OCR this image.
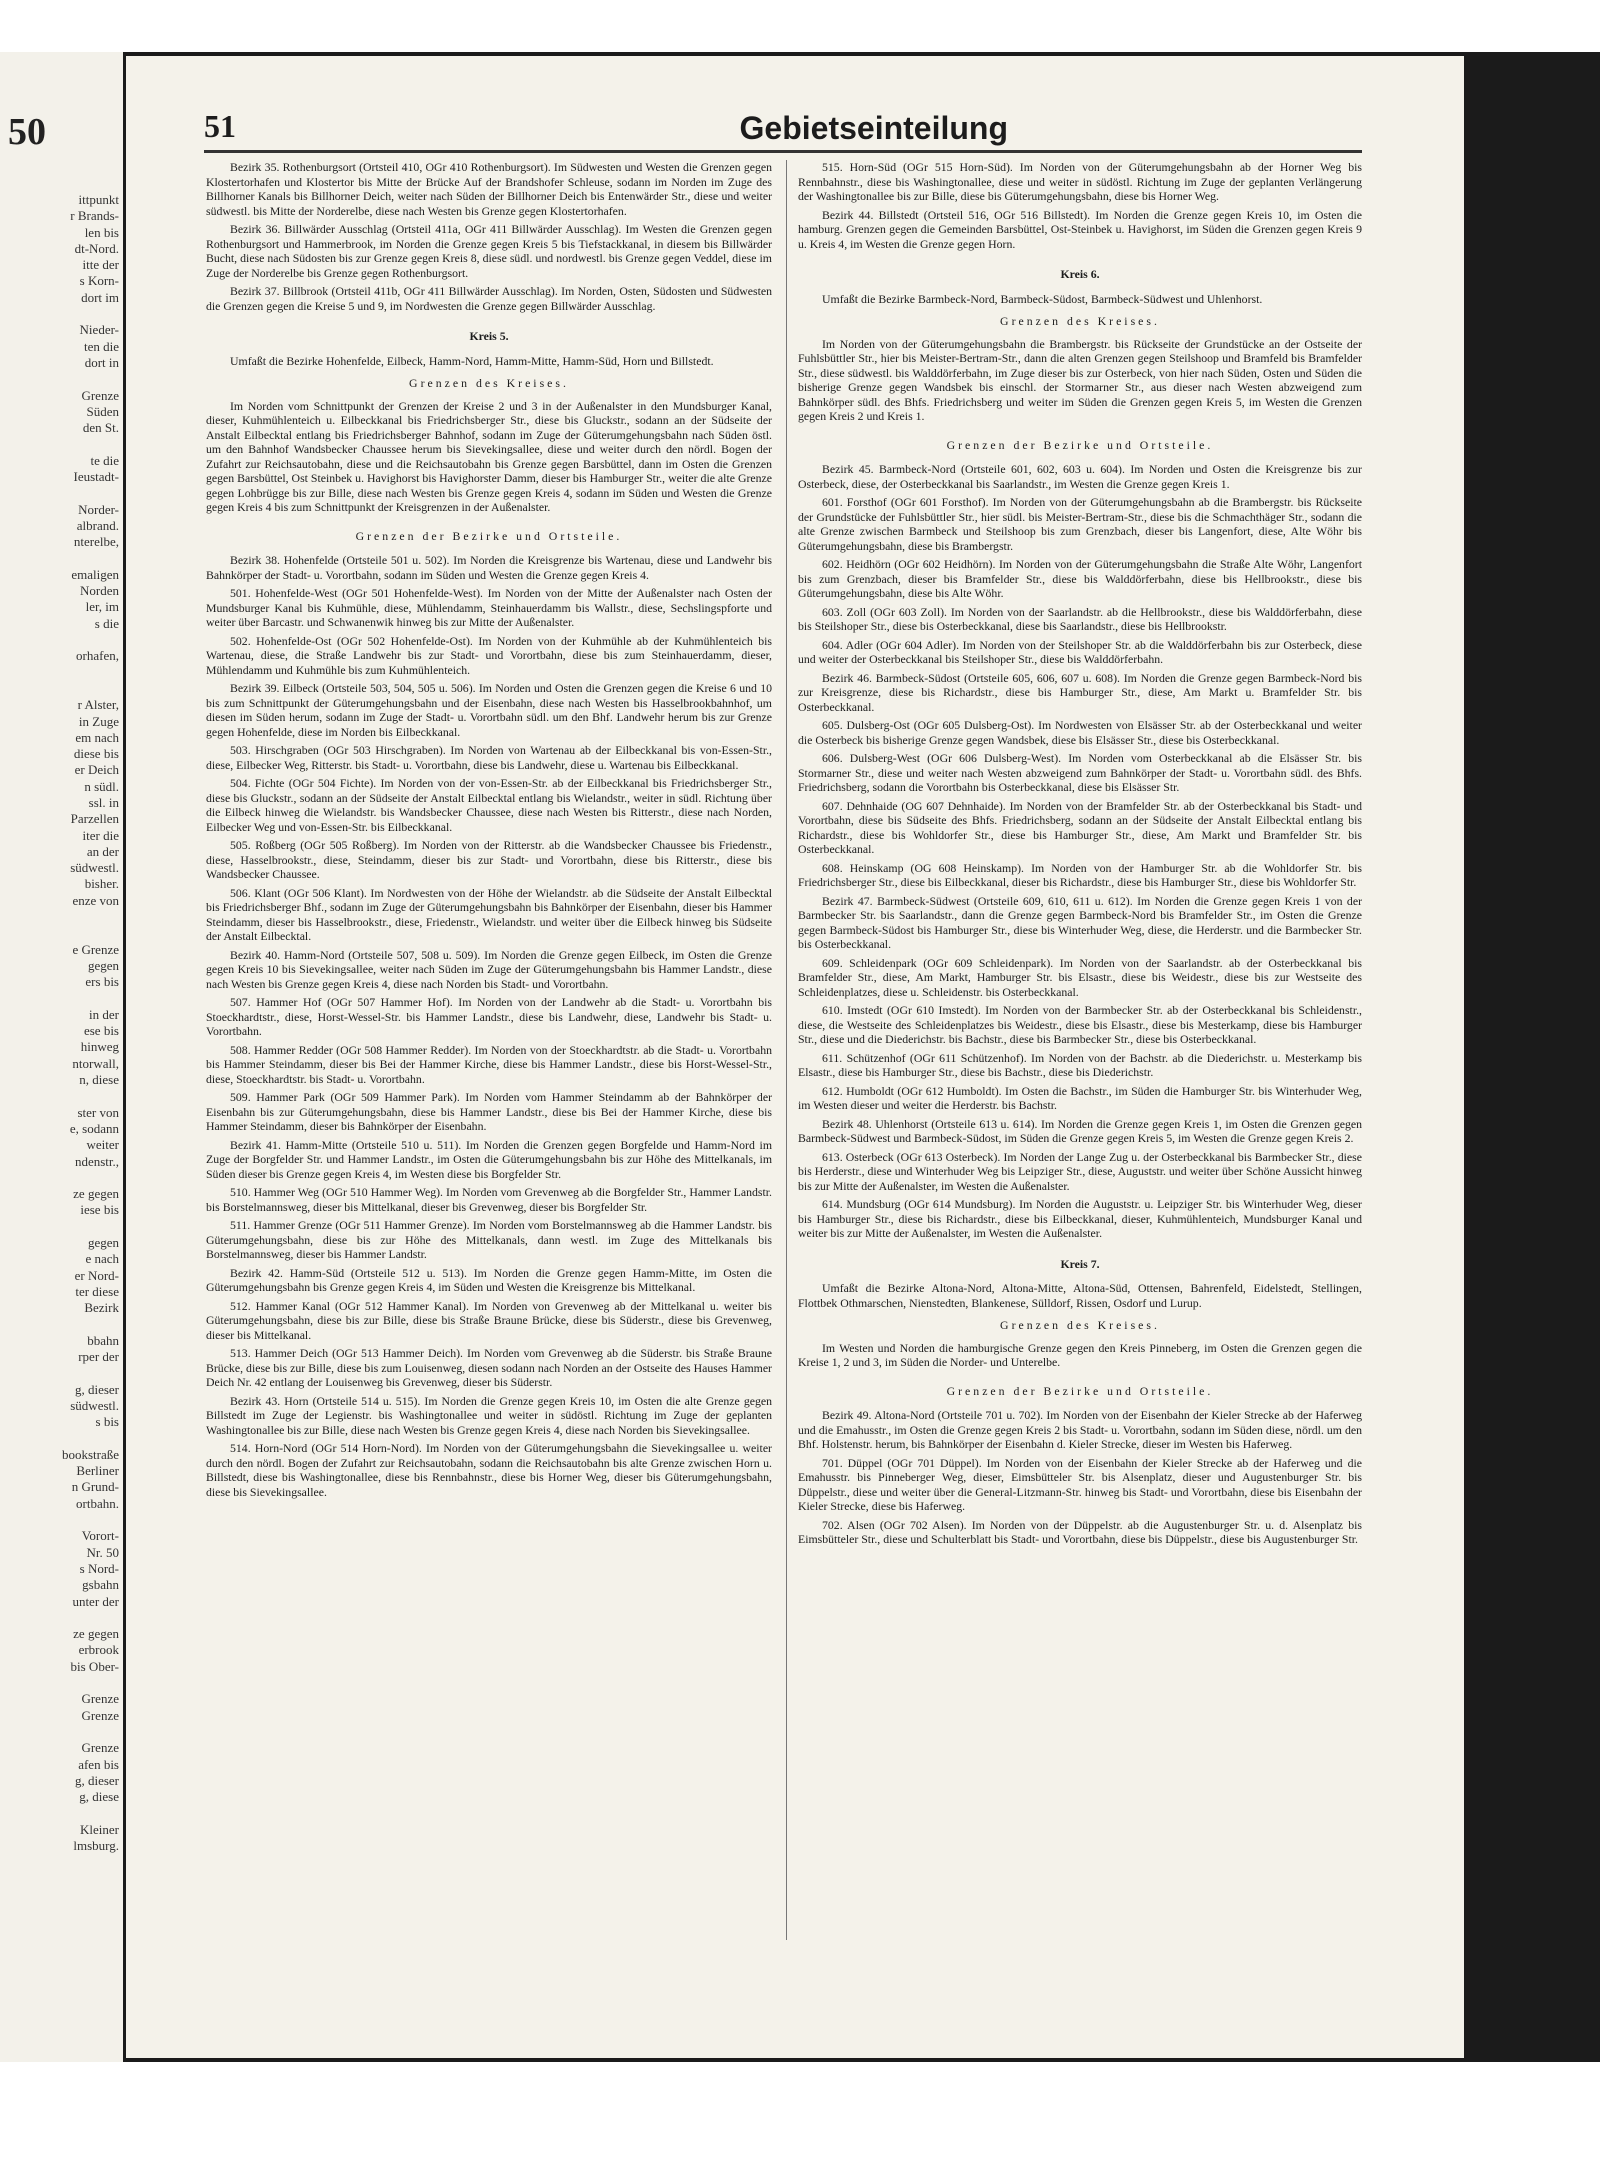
50
ittpunkt
r Brands-
len bis
dt-Nord.
itte der
s Korn-
dort im

Nieder-
ten die
dort in

Grenze
Süden
den St.

te die
Ieustadt-

Norder-
albrand.
nterelbe,

emaligen
Norden
ler, im
s die

orhafen,

r Alster,
in Zuge
em nach
diese bis
er Deich
n südl.
ssl. in
Parzellen
iter die
an der
südwestl.
bisher.
enze von

e Grenze
gegen
ers bis

in der
ese bis
hinweg
ntorwall,
n, diese

ster von
e, sodann
weiter
ndenstr.,

ze gegen
iese bis

gegen
e nach
er Nord-
ter diese
Bezirk

bbahn
rper der

g, dieser
südwestl.
s bis

bookstraße
Berliner
n Grund-
ortbahn.

Vorort-
Nr. 50
s Nord-
gsbahn
unter der

ze gegen
erbrook
bis Ober-

Grenze
Grenze

Grenze
afen bis
g, dieser
g, diese

Kleiner
lmsburg.
51	Gebietseinteilung

Bezirk 35. Rothenburgsort (Ortsteil 410, OGr 410 Rothenburgsort). Im Südwesten und Westen die Grenzen gegen Klostertorhafen und Klostertor bis Mitte der Brücke Auf der Brandshofer Schleuse, sodann im Norden im Zuge des Billhorner Kanals bis Billhorner Deich, weiter nach Süden der Billhorner Deich bis Entenwärder Str., diese und weiter südwestl. bis Mitte der Norderelbe, diese nach Westen bis Grenze gegen Klostertorhafen.

Bezirk 36. Billwärder Ausschlag (Ortsteil 411a, OGr 411 Billwärder Ausschlag). Im Westen die Grenzen gegen Rothenburgsort und Hammerbrook, im Norden die Grenze gegen Kreis 5 bis Tiefstackkanal, in diesem bis Billwärder Bucht, diese nach Südosten bis zur Grenze gegen Kreis 8, diese südl. und nordwestl. bis Grenze gegen Veddel, diese im Zuge der Norderelbe bis Grenze gegen Rothenburgsort.

Bezirk 37. Billbrook (Ortsteil 411b, OGr 411 Billwärder Ausschlag). Im Norden, Osten, Südosten und Südwesten die Grenzen gegen die Kreise 5 und 9, im Nordwesten die Grenze gegen Billwärder Ausschlag.

Kreis 5.

Umfaßt die Bezirke Hohenfelde, Eilbeck, Hamm-Nord, Hamm-Mitte, Hamm-Süd, Horn und Billstedt.

Grenzen des Kreises.

Im Norden vom Schnittpunkt der Grenzen der Kreise 2 und 3 in der Außenalster in den Mundsburger Kanal, dieser, Kuhmühlenteich u. Eilbeckkanal bis Friedrichsberger Str., diese bis Gluckstr., sodann an der Südseite der Anstalt Eilbecktal entlang bis Friedrichsberger Bahnhof, sodann im Zuge der Güterumgehungsbahn nach Süden östl. um den Bahnhof Wandsbecker Chaussee herum bis Sievekingsallee, diese und weiter durch den nördl. Bogen der Zufahrt zur Reichsautobahn, diese und die Reichsautobahn bis Grenze gegen Barsbüttel, dann im Osten die Grenzen gegen Barsbüttel, Ost Steinbek u. Havighorst bis Havighorster Damm, dieser bis Hamburger Str., weiter die alte Grenze gegen Lohbrügge bis zur Bille, diese nach Westen bis Grenze gegen Kreis 4, sodann im Süden und Westen die Grenze gegen Kreis 4 bis zum Schnittpunkt der Kreisgrenzen in der Außenalster.

Grenzen der Bezirke und Ortsteile.

Bezirk 38. Hohenfelde (Ortsteile 501 u. 502). Im Norden die Kreisgrenze bis Wartenau, diese und Landwehr bis Bahnkörper der Stadt- u. Vorortbahn, sodann im Süden und Westen die Grenze gegen Kreis 4.

501. Hohenfelde-West (OGr 501 Hohenfelde-West). Im Norden von der Mitte der Außenalster nach Osten der Mundsburger Kanal bis Kuhmühle, diese, Mühlendamm, Steinhauerdamm bis Wallstr., diese, Sechslingspforte und weiter über Barcastr. und Schwanenwik hinweg bis zur Mitte der Außenalster.

502. Hohenfelde-Ost (OGr 502 Hohenfelde-Ost). Im Norden von der Kuhmühle ab der Kuhmühlenteich bis Wartenau, diese, die Straße Landwehr bis zur Stadt- und Vorortbahn, diese bis zum Steinhauerdamm, dieser, Mühlendamm und Kuhmühle bis zum Kuhmühlenteich.

Bezirk 39. Eilbeck (Ortsteile 503, 504, 505 u. 506). Im Norden und Osten die Grenzen gegen die Kreise 6 und 10 bis zum Schnittpunkt der Güterumgehungsbahn und der Eisenbahn, diese nach Westen bis Hasselbrookbahnhof, um diesen im Süden herum, sodann im Zuge der Stadt- u. Vorortbahn südl. um den Bhf. Landwehr herum bis zur Grenze gegen Hohenfelde, diese im Norden bis Eilbeckkanal.

503. Hirschgraben (OGr 503 Hirschgraben). Im Norden von Wartenau ab der Eilbeckkanal bis von-Essen-Str., diese, Eilbecker Weg, Ritterstr. bis Stadt- u. Vorortbahn, diese bis Landwehr, diese u. Wartenau bis Eilbeckkanal.

504. Fichte (OGr 504 Fichte). Im Norden von der von-Essen-Str. ab der Eilbeckkanal bis Friedrichsberger Str., diese bis Gluckstr., sodann an der Südseite der Anstalt Eilbecktal entlang bis Wielandstr., weiter in südl. Richtung über die Eilbeck hinweg die Wielandstr. bis Wandsbecker Chaussee, diese nach Westen bis Ritterstr., diese nach Norden, Eilbecker Weg und von-Essen-Str. bis Eilbeckkanal.

505. Roßberg (OGr 505 Roßberg). Im Norden von der Ritterstr. ab die Wandsbecker Chaussee bis Friedenstr., diese, Hasselbrookstr., diese, Steindamm, dieser bis zur Stadt- und Vorortbahn, diese bis Ritterstr., diese bis Wandsbecker Chaussee.

506. Klant (OGr 506 Klant). Im Nordwesten von der Höhe der Wielandstr. ab die Südseite der Anstalt Eilbecktal bis Friedrichsberger Bhf., sodann im Zuge der Güterumgehungsbahn bis Bahnkörper der Eisenbahn, dieser bis Hammer Steindamm, dieser bis Hasselbrookstr., diese, Friedenstr., Wielandstr. und weiter über die Eilbeck hinweg bis Südseite der Anstalt Eilbecktal.

Bezirk 40. Hamm-Nord (Ortsteile 507, 508 u. 509). Im Norden die Grenze gegen Eilbeck, im Osten die Grenze gegen Kreis 10 bis Sievekingsallee, weiter nach Süden im Zuge der Güterumgehungsbahn bis Hammer Landstr., diese nach Westen bis Grenze gegen Kreis 4, diese nach Norden bis Stadt- und Vorortbahn.

507. Hammer Hof (OGr 507 Hammer Hof). Im Norden von der Landwehr ab die Stadt- u. Vorortbahn bis Stoeckhardtstr., diese, Horst-Wessel-Str. bis Hammer Landstr., diese bis Landwehr, diese, Landwehr bis Stadt- u. Vorortbahn.

508. Hammer Redder (OGr 508 Hammer Redder). Im Norden von der Stoeckhardtstr. ab die Stadt- u. Vorortbahn bis Hammer Steindamm, dieser bis Bei der Hammer Kirche, diese bis Hammer Landstr., diese bis Horst-Wessel-Str., diese, Stoeckhardtstr. bis Stadt- u. Vorortbahn.

509. Hammer Park (OGr 509 Hammer Park). Im Norden vom Hammer Steindamm ab der Bahnkörper der Eisenbahn bis zur Güterumgehungsbahn, diese bis Hammer Landstr., diese bis Bei der Hammer Kirche, diese bis Hammer Steindamm, dieser bis Bahnkörper der Eisenbahn.

Bezirk 41. Hamm-Mitte (Ortsteile 510 u. 511). Im Norden die Grenzen gegen Borgfelde und Hamm-Nord im Zuge der Borgfelder Str. und Hammer Landstr., im Osten die Güterumgehungsbahn bis zur Höhe des Mittelkanals, im Süden dieser bis Grenze gegen Kreis 4, im Westen diese bis Borgfelder Str.

510. Hammer Weg (OGr 510 Hammer Weg). Im Norden vom Grevenweg ab die Borgfelder Str., Hammer Landstr. bis Borstelmannsweg, dieser bis Mittelkanal, dieser bis Grevenweg, dieser bis Borgfelder Str.

511. Hammer Grenze (OGr 511 Hammer Grenze). Im Norden vom Borstelmannsweg ab die Hammer Landstr. bis Güterumgehungsbahn, diese bis zur Höhe des Mittelkanals, dann westl. im Zuge des Mittelkanals bis Borstelmannsweg, dieser bis Hammer Landstr.

Bezirk 42. Hamm-Süd (Ortsteile 512 u. 513). Im Norden die Grenze gegen Hamm-Mitte, im Osten die Güterumgehungsbahn bis Grenze gegen Kreis 4, im Süden und Westen die Kreisgrenze bis Mittelkanal.

512. Hammer Kanal (OGr 512 Hammer Kanal). Im Norden von Grevenweg ab der Mittelkanal u. weiter bis Güterumgehungsbahn, diese bis zur Bille, diese bis Straße Braune Brücke, diese bis Süderstr., diese bis Grevenweg, dieser bis Mittelkanal.

513. Hammer Deich (OGr 513 Hammer Deich). Im Norden vom Grevenweg ab die Süderstr. bis Straße Braune Brücke, diese bis zur Bille, diese bis zum Louisenweg, diesen sodann nach Norden an der Ostseite des Hauses Hammer Deich Nr. 42 entlang der Louisenweg bis Grevenweg, dieser bis Süderstr.

Bezirk 43. Horn (Ortsteile 514 u. 515). Im Norden die Grenze gegen Kreis 10, im Osten die alte Grenze gegen Billstedt im Zuge der Legienstr. bis Washingtonallee und weiter in südöstl. Richtung im Zuge der geplanten Washingtonallee bis zur Bille, diese nach Westen bis Grenze gegen Kreis 4, diese nach Norden bis Sievekingsallee.

514. Horn-Nord (OGr 514 Horn-Nord). Im Norden von der Güterumgehungsbahn die Sievekingsallee u. weiter durch den nördl. Bogen der Zufahrt zur Reichsautobahn, sodann die Reichsautobahn bis alte Grenze zwischen Horn u. Billstedt, diese bis Washingtonallee, diese bis Rennbahnstr., diese bis Horner Weg, dieser bis Güterumgehungsbahn, diese bis Sievekingsallee.

515. Horn-Süd (OGr 515 Horn-Süd). Im Norden von der Güterumgehungsbahn ab der Horner Weg bis Rennbahnstr., diese bis Washingtonallee, diese und weiter in südöstl. Richtung im Zuge der geplanten Verlängerung der Washingtonallee bis zur Bille, diese bis Güterumgehungsbahn, diese bis Horner Weg.

Bezirk 44. Billstedt (Ortsteil 516, OGr 516 Billstedt). Im Norden die Grenze gegen Kreis 10, im Osten die hamburg. Grenzen gegen die Gemeinden Barsbüttel, Ost-Steinbek u. Havighorst, im Süden die Grenzen gegen Kreis 9 u. Kreis 4, im Westen die Grenze gegen Horn.

Kreis 6.

Umfaßt die Bezirke Barmbeck-Nord, Barmbeck-Südost, Barmbeck-Südwest und Uhlenhorst.

Grenzen des Kreises.

Im Norden von der Güterumgehungsbahn die Brambergstr. bis Rückseite der Grundstücke an der Ostseite der Fuhlsbüttler Str., hier bis Meister-Bertram-Str., dann die alten Grenzen gegen Steilshoop und Bramfeld bis Bramfelder Str., diese südwestl. bis Walddörferbahn, im Zuge dieser bis zur Osterbeck, von hier nach Süden, Osten und Süden die bisherige Grenze gegen Wandsbek bis einschl. der Stormarner Str., aus dieser nach Westen abzweigend zum Bahnkörper südl. des Bhfs. Friedrichsberg und weiter im Süden die Grenzen gegen Kreis 5, im Westen die Grenzen gegen Kreis 2 und Kreis 1.

Grenzen der Bezirke und Ortsteile.

Bezirk 45. Barmbeck-Nord (Ortsteile 601, 602, 603 u. 604). Im Norden und Osten die Kreisgrenze bis zur Osterbeck, diese, der Osterbeckkanal bis Saarlandstr., im Westen die Grenze gegen Kreis 1.

601. Forsthof (OGr 601 Forsthof). Im Norden von der Güterumgehungsbahn ab die Brambergstr. bis Rückseite der Grundstücke der Fuhlsbüttler Str., hier südl. bis Meister-Bertram-Str., diese bis die Schmachthäger Str., sodann die alte Grenze zwischen Barmbeck und Steilshoop bis zum Grenzbach, dieser bis Langenfort, diese, Alte Wöhr bis Güterumgehungsbahn, diese bis Brambergstr.

602. Heidhörn (OGr 602 Heidhörn). Im Norden von der Güterumgehungsbahn die Straße Alte Wöhr, Langenfort bis zum Grenzbach, dieser bis Bramfelder Str., diese bis Walddörferbahn, diese bis Hellbrookstr., diese bis Güterumgehungsbahn, diese bis Alte Wöhr.

603. Zoll (OGr 603 Zoll). Im Norden von der Saarlandstr. ab die Hellbrookstr., diese bis Walddörferbahn, diese bis Steilshoper Str., diese bis Osterbeckkanal, diese bis Saarlandstr., diese bis Hellbrookstr.

604. Adler (OGr 604 Adler). Im Norden von der Steilshoper Str. ab die Walddörferbahn bis zur Osterbeck, diese und weiter der Osterbeckkanal bis Steilshoper Str., diese bis Walddörferbahn.

Bezirk 46. Barmbeck-Südost (Ortsteile 605, 606, 607 u. 608). Im Norden die Grenze gegen Barmbeck-Nord bis zur Kreisgrenze, diese bis Richardstr., diese bis Hamburger Str., diese, Am Markt u. Bramfelder Str. bis Osterbeckkanal.

605. Dulsberg-Ost (OGr 605 Dulsberg-Ost). Im Nordwesten von Elsässer Str. ab der Osterbeckkanal und weiter die Osterbeck bis bisherige Grenze gegen Wandsbek, diese bis Elsässer Str., diese bis Osterbeckkanal.

606. Dulsberg-West (OGr 606 Dulsberg-West). Im Norden vom Osterbeckkanal ab die Elsässer Str. bis Stormarner Str., diese und weiter nach Westen abzweigend zum Bahnkörper der Stadt- u. Vorortbahn südl. des Bhfs. Friedrichsberg, sodann die Vorortbahn bis Osterbeckkanal, diese bis Elsässer Str.

607. Dehnhaide (OG 607 Dehnhaide). Im Norden von der Bramfelder Str. ab der Osterbeckkanal bis Stadt- und Vorortbahn, diese bis Südseite des Bhfs. Friedrichsberg, sodann an der Südseite der Anstalt Eilbecktal entlang bis Richardstr., diese bis Wohldorfer Str., diese bis Hamburger Str., diese, Am Markt und Bramfelder Str. bis Osterbeckkanal.

608. Heinskamp (OG 608 Heinskamp). Im Norden von der Hamburger Str. ab die Wohldorfer Str. bis Friedrichsberger Str., diese bis Eilbeckkanal, dieser bis Richardstr., diese bis Hamburger Str., diese bis Wohldorfer Str.

Bezirk 47. Barmbeck-Südwest (Ortsteile 609, 610, 611 u. 612). Im Norden die Grenze gegen Kreis 1 von der Barmbecker Str. bis Saarlandstr., dann die Grenze gegen Barmbeck-Nord bis Bramfelder Str., im Osten die Grenze gegen Barmbeck-Südost bis Hamburger Str., diese bis Winterhuder Weg, diese, die Herderstr. und die Barmbecker Str. bis Osterbeckkanal.

609. Schleidenpark (OGr 609 Schleidenpark). Im Norden von der Saarlandstr. ab der Osterbeckkanal bis Bramfelder Str., diese, Am Markt, Hamburger Str. bis Elsastr., diese bis Weidestr., diese bis zur Westseite des Schleidenplatzes, diese u. Schleidenstr. bis Osterbeckkanal.

610. Imstedt (OGr 610 Imstedt). Im Norden von der Barmbecker Str. ab der Osterbeckkanal bis Schleidenstr., diese, die Westseite des Schleidenplatzes bis Weidestr., diese bis Elsastr., diese bis Mesterkamp, diese bis Hamburger Str., diese und die Diederichstr. bis Bachstr., diese bis Barmbecker Str., diese bis Osterbeckkanal.

611. Schützenhof (OGr 611 Schützenhof). Im Norden von der Bachstr. ab die Diederichstr. u. Mesterkamp bis Elsastr., diese bis Hamburger Str., diese bis Bachstr., diese bis Diederichstr.

612. Humboldt (OGr 612 Humboldt). Im Osten die Bachstr., im Süden die Hamburger Str. bis Winterhuder Weg, im Westen dieser und weiter die Herderstr. bis Bachstr.

Bezirk 48. Uhlenhorst (Ortsteile 613 u. 614). Im Norden die Grenze gegen Kreis 1, im Osten die Grenzen gegen Barmbeck-Südwest und Barmbeck-Südost, im Süden die Grenze gegen Kreis 5, im Westen die Grenze gegen Kreis 2.

613. Osterbeck (OGr 613 Osterbeck). Im Norden der Lange Zug u. der Osterbeckkanal bis Barmbecker Str., diese bis Herderstr., diese und Winterhuder Weg bis Leipziger Str., diese, Auguststr. und weiter über Schöne Aussicht hinweg bis zur Mitte der Außenalster, im Westen die Außenalster.

614. Mundsburg (OGr 614 Mundsburg). Im Norden die Auguststr. u. Leipziger Str. bis Winterhuder Weg, dieser bis Hamburger Str., diese bis Richardstr., diese bis Eilbeckkanal, dieser, Kuhmühlenteich, Mundsburger Kanal und weiter bis zur Mitte der Außenalster, im Westen die Außenalster.

Kreis 7.

Umfaßt die Bezirke Altona-Nord, Altona-Mitte, Altona-Süd, Ottensen, Bahrenfeld, Eidelstedt, Stellingen, Flottbek Othmarschen, Nienstedten, Blankenese, Sülldorf, Rissen, Osdorf und Lurup.

Grenzen des Kreises.

Im Westen und Norden die hamburgische Grenze gegen den Kreis Pinneberg, im Osten die Grenzen gegen die Kreise 1, 2 und 3, im Süden die Norder- und Unterelbe.

Grenzen der Bezirke und Ortsteile.

Bezirk 49. Altona-Nord (Ortsteile 701 u. 702). Im Norden von der Eisenbahn der Kieler Strecke ab der Haferweg und die Emahusstr., im Osten die Grenze gegen Kreis 2 bis Stadt- u. Vorortbahn, sodann im Süden diese, nördl. um den Bhf. Holstenstr. herum, bis Bahnkörper der Eisenbahn d. Kieler Strecke, dieser im Westen bis Haferweg.

701. Düppel (OGr 701 Düppel). Im Norden von der Eisenbahn der Kieler Strecke ab der Haferweg und die Emahusstr. bis Pinneberger Weg, dieser, Eimsbütteler Str. bis Alsenplatz, dieser und Augustenburger Str. bis Düppelstr., diese und weiter über die General-Litzmann-Str. hinweg bis Stadt- und Vorortbahn, diese bis Eisenbahn der Kieler Strecke, diese bis Haferweg.

702. Alsen (OGr 702 Alsen). Im Norden von der Düppelstr. ab die Augustenburger Str. u. d. Alsenplatz bis Eimsbütteler Str., diese und Schulterblatt bis Stadt- und Vorortbahn, diese bis Düppelstr., diese bis Augustenburger Str.
